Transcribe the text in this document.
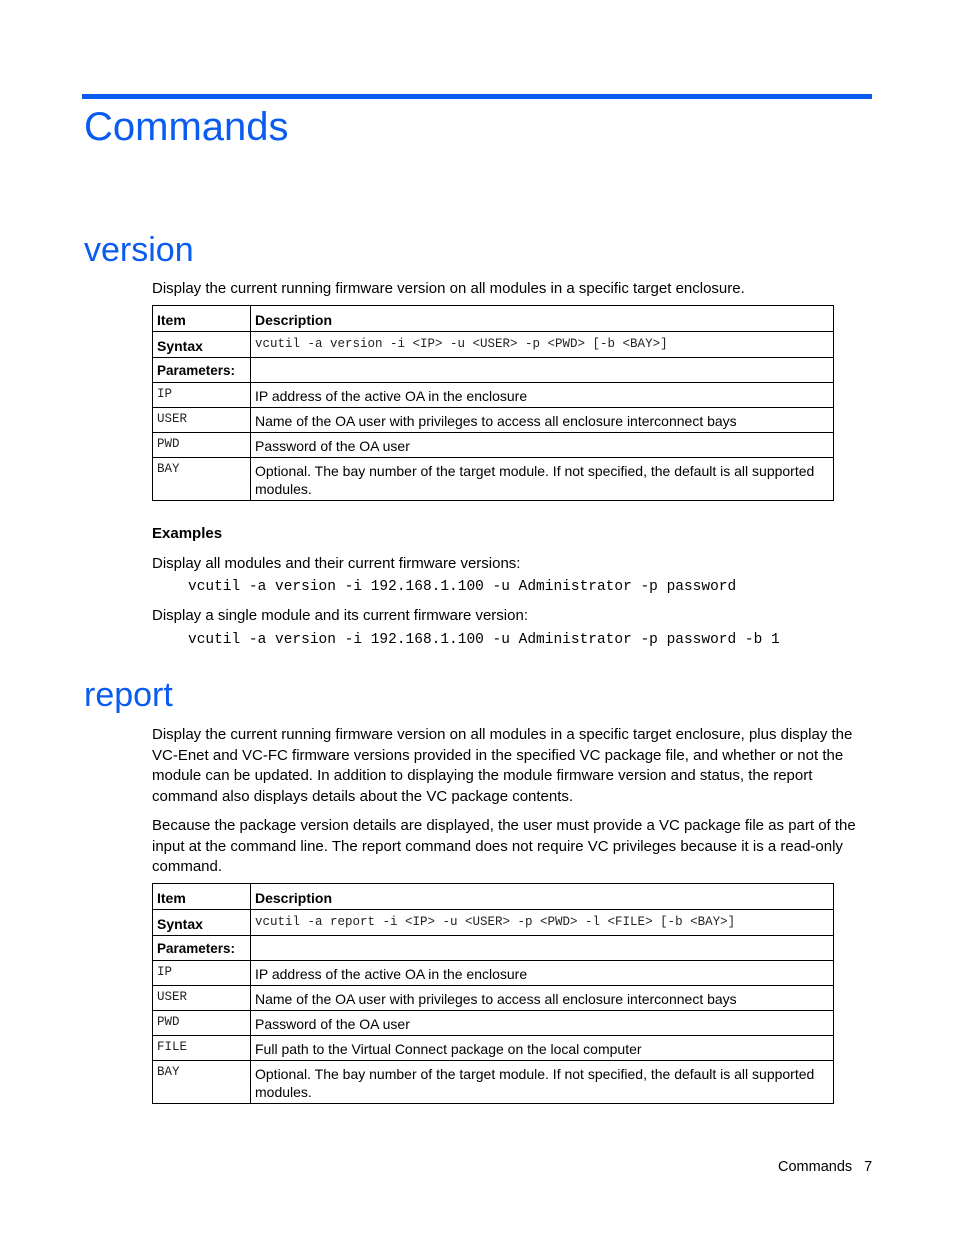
Commands
version

Display the current running firmware version on all modules in a specific target enclosure.

Item	Description
Syntax	vcutil -a version -i <IP> -u <USER> -p <PWD> [-b <BAY>]
Parameters:	
IP	IP address of the active OA in the enclosure
USER	Name of the OA user with privileges to access all enclosure interconnect bays
PWD	Password of the OA user
BAY	Optional. The bay number of the target module. If not specified, the default is all supported modules.

Examples

Display all modules and their current firmware versions:

vcutil -a version -i 192.168.1.100 -u Administrator -p password

Display a single module and its current firmware version:

vcutil -a version -i 192.168.1.100 -u Administrator -p password -b 1

report

Display the current running firmware version on all modules in a specific target enclosure, plus display the VC-Enet and VC-FC firmware versions provided in the specified VC package file, and whether or not the module can be updated. In addition to displaying the module firmware version and status, the report command also displays details about the VC package contents.

Because the package version details are displayed, the user must provide a VC package file as part of the input at the command line. The report command does not require VC privileges because it is a read-only command.

Item	Description
Syntax	vcutil -a report -i <IP> -u <USER> -p <PWD> -l <FILE> [-b <BAY>]
Parameters:	
IP	IP address of the active OA in the enclosure
USER	Name of the OA user with privileges to access all enclosure interconnect bays
PWD	Password of the OA user
FILE	Full path to the Virtual Connect package on the local computer
BAY	Optional. The bay number of the target module. If not specified, the default is all supported modules.

Commands 7
